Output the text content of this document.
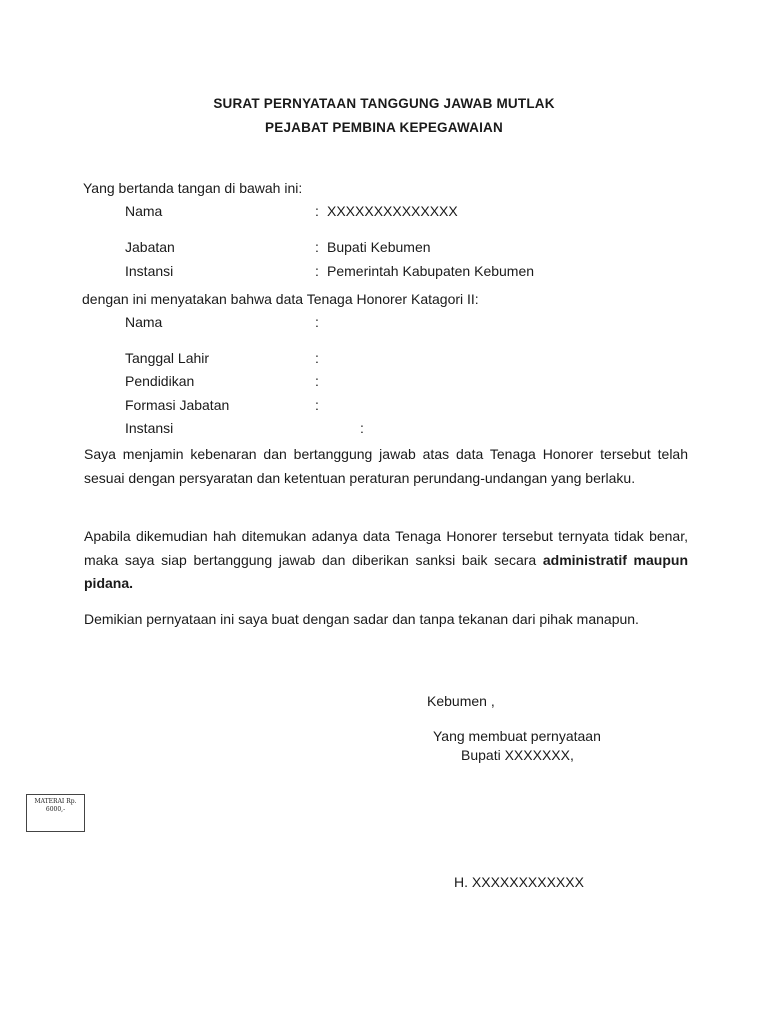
SURAT PERNYATAAN TANGGUNG JAWAB MUTLAK
PEJABAT PEMBINA KEPEGAWAIAN
Yang bertanda tangan di bawah ini:
Nama	: XXXXXXXXXXXXXX
Jabatan	: Bupati Kebumen
Instansi	: Pemerintah Kabupaten Kebumen
dengan ini menyatakan bahwa data Tenaga Honorer Katagori II:
Nama	:
Tanggal Lahir	:
Pendidikan	:
Formasi Jabatan	:
Instansi	:
Saya menjamin kebenaran dan bertanggung jawab atas data Tenaga Honorer tersebut telah sesuai dengan persyaratan dan ketentuan peraturan perundang-undangan yang berlaku.
Apabila dikemudian hah ditemukan adanya data Tenaga Honorer tersebut ternyata tidak benar, maka saya siap bertanggung jawab dan diberikan sanksi baik secara administratif maupun pidana.
Demikian pernyataan ini saya buat dengan sadar dan tanpa tekanan dari pihak manapun.
Kebumen ,
Yang membuat pernyataan
Bupati XXXXXXX,
MATERAI Rp.
6000,-
H. XXXXXXXXXXXX
